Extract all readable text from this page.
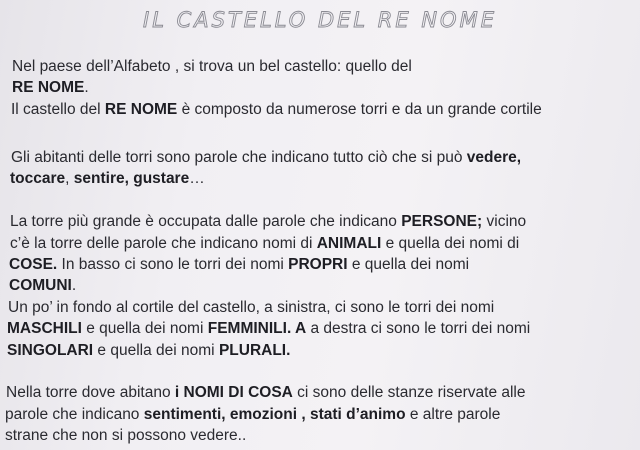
IL CASTELLO DEL RE NOME
Nel paese dell’Alfabeto , si trova un bel castello: quello del
RE NOME.
Il castello del RE NOME è composto da numerose torri e da un grande cortile
Gli abitanti delle torri sono parole che indicano tutto ciò che si può vedere,
toccare, sentire, gustare…
La torre più grande è occupata dalle parole che indicano PERSONE; vicino
c’è la torre delle parole che indicano nomi di ANIMALI e quella dei nomi di
COSE. In basso ci sono le torri dei nomi PROPRI e quella dei nomi
COMUNI.
Un po’ in fondo al cortile del castello, a sinistra, ci sono le torri dei nomi
MASCHILI e quella dei nomi FEMMINILI. A a destra ci sono le torri dei nomi
SINGOLARI e quella dei nomi PLURALI.
Nella torre dove abitano i NOMI DI COSA ci sono delle stanze riservate alle
parole che indicano sentimenti, emozioni , stati d’animo e altre parole
strane che non si possono vedere..
